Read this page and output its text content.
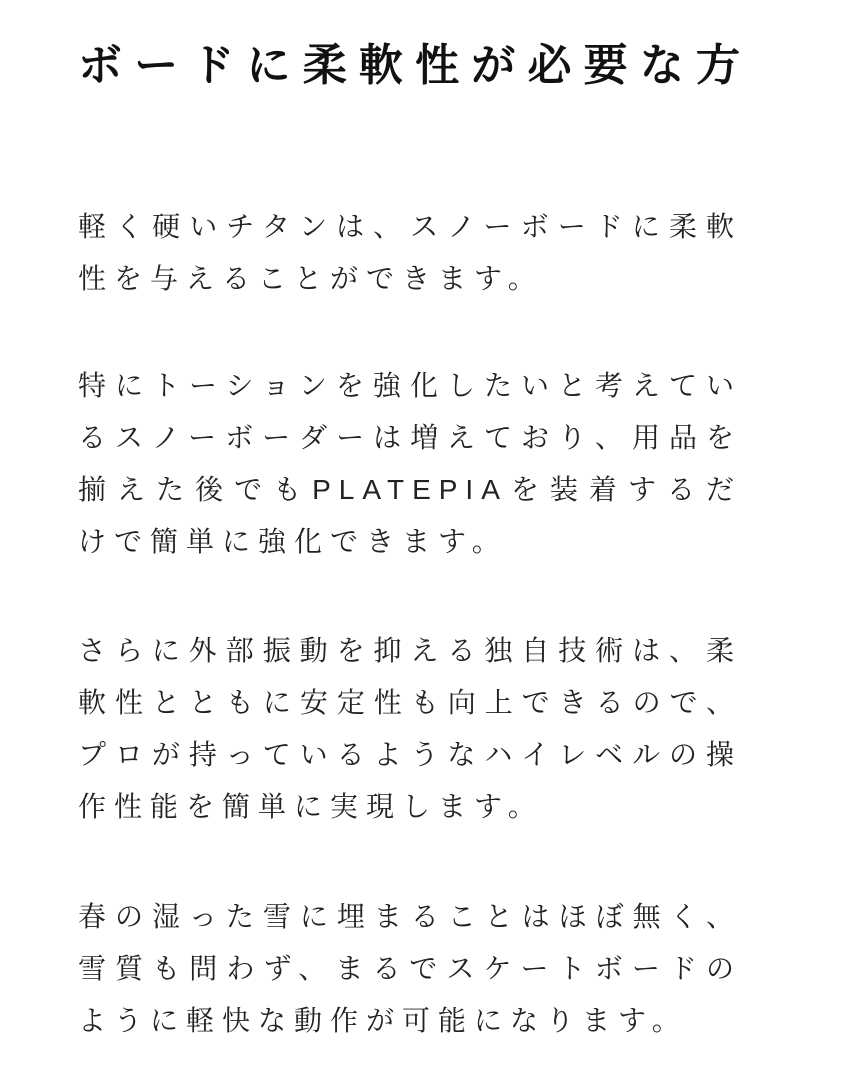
ボードに柔軟性が必要な方
軽く硬いチタンは、スノーボードに柔軟
性を与えることができます。
特にトーションを強化したいと考えてい
るスノーボーダーは増えており、用品を
揃えた後でもPLATEPIAを装着するだ
けで簡単に強化できます。
さらに外部振動を抑える独自技術は、柔
軟性とともに安定性も向上できるので、
プロが持っているようなハイレベルの操
作性能を簡単に実現します。
春の湿った雪に埋まることはほぼ無く、
雪質も問わず、まるでスケートボードの
ように軽快な動作が可能になります。
